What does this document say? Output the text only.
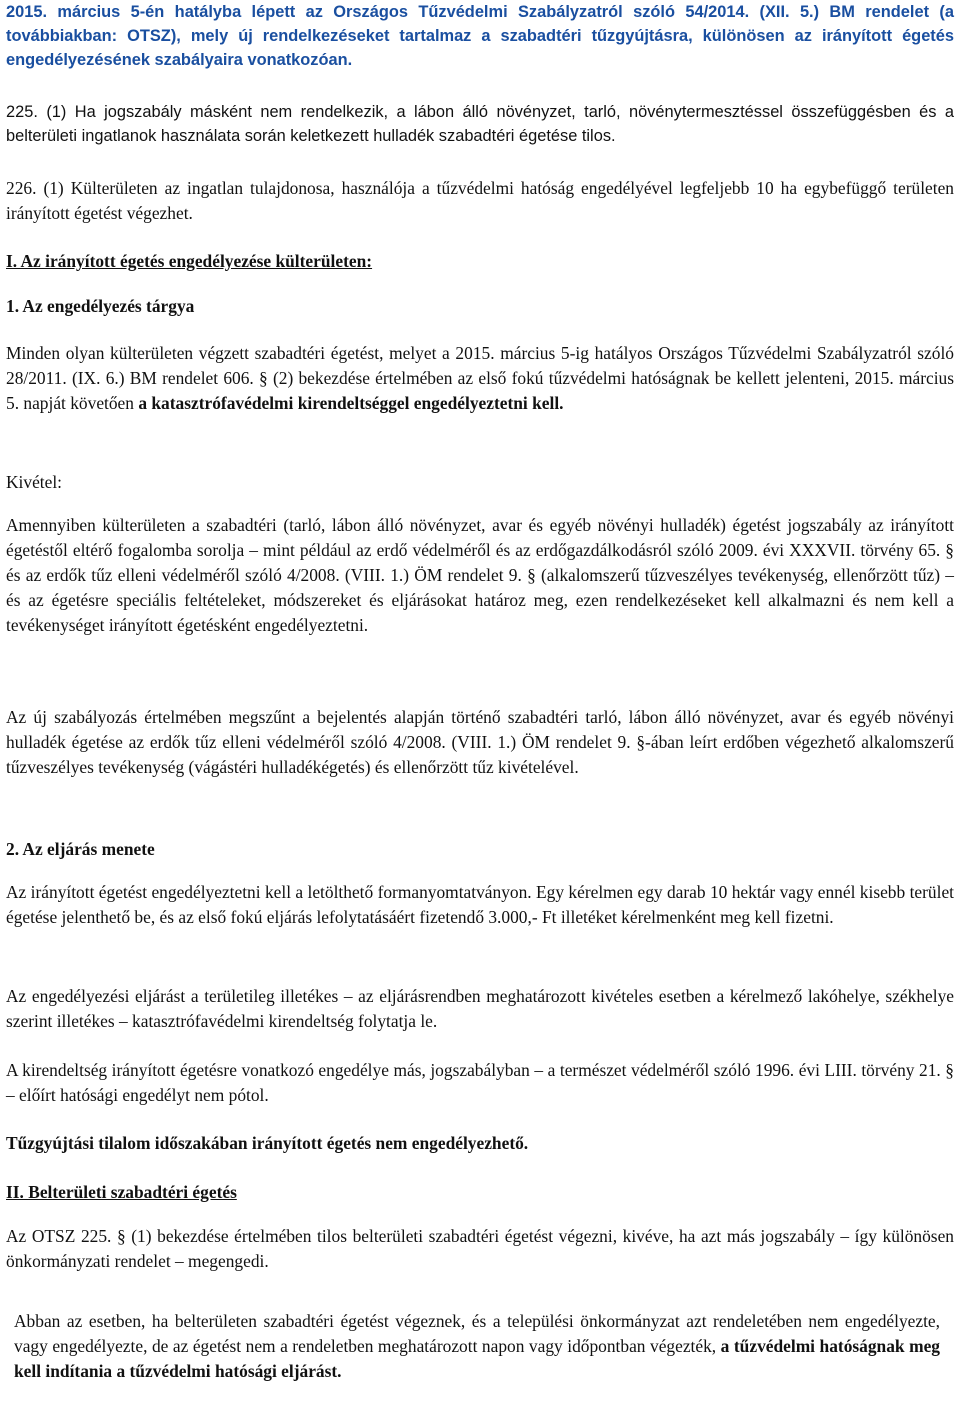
2015. március 5-én hatályba lépett az Országos Tűzvédelmi Szabályzatról szóló 54/2014. (XII. 5.) BM rendelet (a továbbiakban: OTSZ), mely új rendelkezéseket tartalmaz a szabadtéri tűzgyújtásra, különösen az irányított égetés engedélyezésének szabályaira vonatkozóan.

225. (1) Ha jogszabály másként nem rendelkezik, a lábon álló növényzet, tarló, növénytermesztéssel összefüggésben és a belterületi ingatlanok használata során keletkezett hulladék szabadtéri égetése tilos.

226. (1) Külterületen az ingatlan tulajdonosa, használója a tűzvédelmi hatóság engedélyével legfeljebb 10 ha egybefüggő területen irányított égetést végezhet.

I. Az irányított égetés engedélyezése külterületen:

1. Az engedélyezés tárgya

Minden olyan külterületen végzett szabadtéri égetést, melyet a 2015. március 5-ig hatályos Országos Tűzvédelmi Szabályzatról szóló 28/2011. (IX. 6.) BM rendelet 606. § (2) bekezdése értelmében az első fokú tűzvédelmi hatóságnak be kellett jelenteni, 2015. március 5. napját követően a katasztrófavédelmi kirendeltséggel engedélyeztetni kell.

Kivétel:

Amennyiben külterületen a szabadtéri (tarló, lábon álló növényzet, avar és egyéb növényi hulladék) égetést jogszabály az irányított égetéstől eltérő fogalomba sorolja – mint például az erdő védelméről és az erdőgazdálkodásról szóló 2009. évi XXXVII. törvény 65. § és az erdők tűz elleni védelméről szóló 4/2008. (VIII. 1.) ÖM rendelet 9. § (alkalomszerű tűzveszélyes tevékenység, ellenőrzött tűz) – és az égetésre speciális feltételeket, módszereket és eljárásokat határoz meg, ezen rendelkezéseket kell alkalmazni és nem kell a tevékenységet irányított égetésként engedélyeztetni.

Az új szabályozás értelmében megszűnt a bejelentés alapján történő szabadtéri tarló, lábon álló növényzet, avar és egyéb növényi hulladék égetése az erdők tűz elleni védelméről szóló 4/2008. (VIII. 1.) ÖM rendelet 9. §-ában leírt erdőben végezhető alkalomszerű tűzveszélyes tevékenység (vágástéri hulladékégetés) és ellenőrzött tűz kivételével.

2. Az eljárás menete

Az irányított égetést engedélyeztetni kell a letölthető formanyomtatványon. Egy kérelmen egy darab 10 hektár vagy ennél kisebb terület égetése jelenthető be, és az első fokú eljárás lefolytatásáért fizetendő 3.000,- Ft illetéket kérelmenként meg kell fizetni.

Az engedélyezési eljárást a területileg illetékes – az eljárásrendben meghatározott kivételes esetben a kérelmező lakóhelye, székhelye szerint illetékes – katasztrófavédelmi kirendeltség folytatja le.

A kirendeltség irányított égetésre vonatkozó engedélye más, jogszabályban – a természet védelméről szóló 1996. évi LIII. törvény 21. § – előírt hatósági engedélyt nem pótol.

Tűzgyújtási tilalom időszakában irányított égetés nem engedélyezhető.

II. Belterületi szabadtéri égetés

Az OTSZ 225. § (1) bekezdése értelmében tilos belterületi szabadtéri égetést végezni, kivéve, ha azt más jogszabály – így különösen önkormányzati rendelet – megengedi.

Abban az esetben, ha belterületen szabadtéri égetést végeznek, és a települési önkormányzat azt rendeletében nem engedélyezte, vagy engedélyezte, de az égetést nem a rendeletben meghatározott napon vagy időpontban végezték, a tűzvédelmi hatóságnak meg kell indítania a tűzvédelmi hatósági eljárást.
